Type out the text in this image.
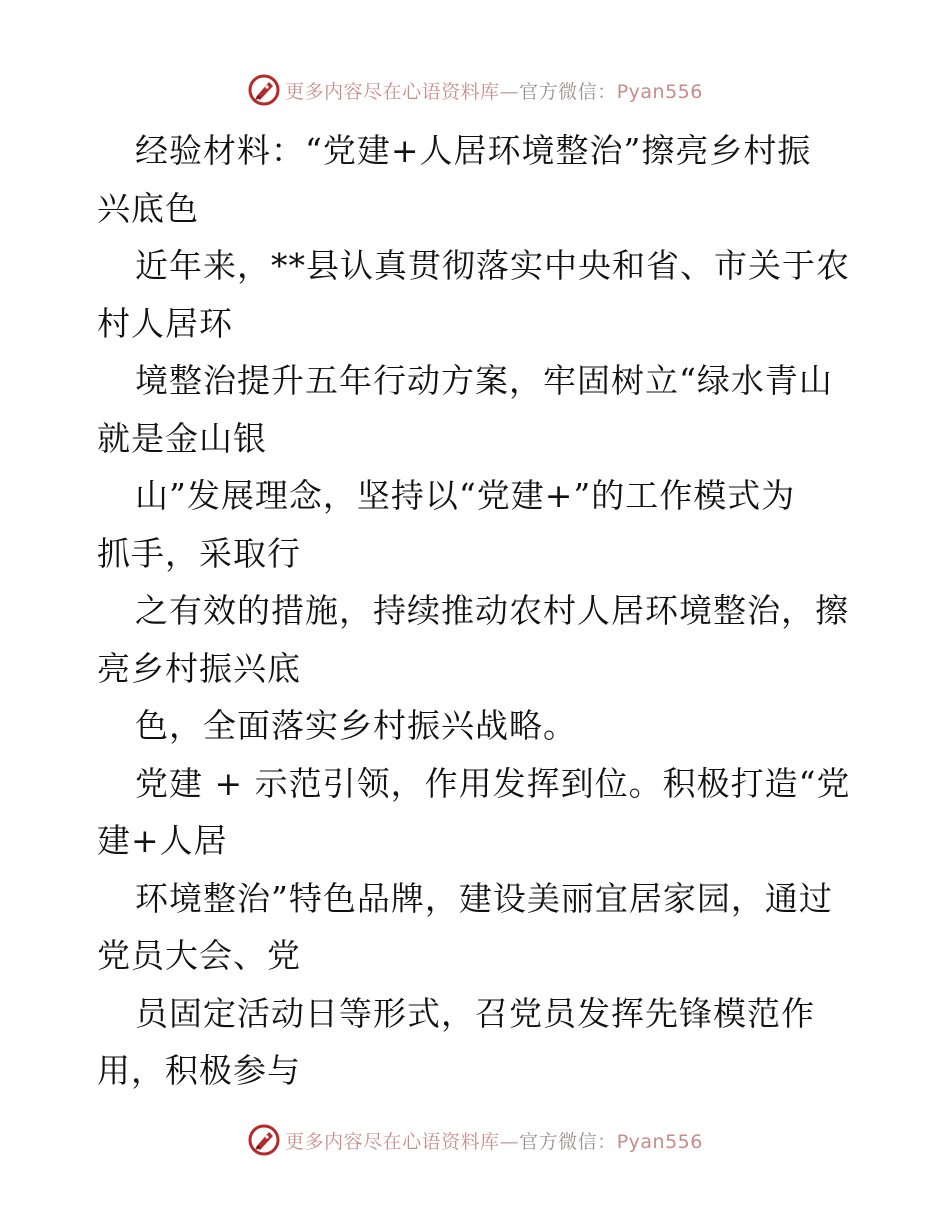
更多内容尽在心语资料库—官方微信：Pyan556
经验材料：“党建+人居环境整治”擦亮乡村振
兴底色
近年来，**县认真贯彻落实中央和省、市关于农
村人居环
境整治提升五年行动方案，牢固树立“绿水青山
就是金山银
山”发展理念，坚持以“党建+”的工作模式为
抓手，采取行
之有效的措施，持续推动农村人居环境整治，擦
亮乡村振兴底
色，全面落实乡村振兴战略。
党建 + 示范引领，作用发挥到位。积极打造“党
建+人居
环境整治”特色品牌，建设美丽宜居家园，通过
党员大会、党
员固定活动日等形式，召党员发挥先锋模范作
用，积极参与
更多内容尽在心语资料库—官方微信：Pyan556
